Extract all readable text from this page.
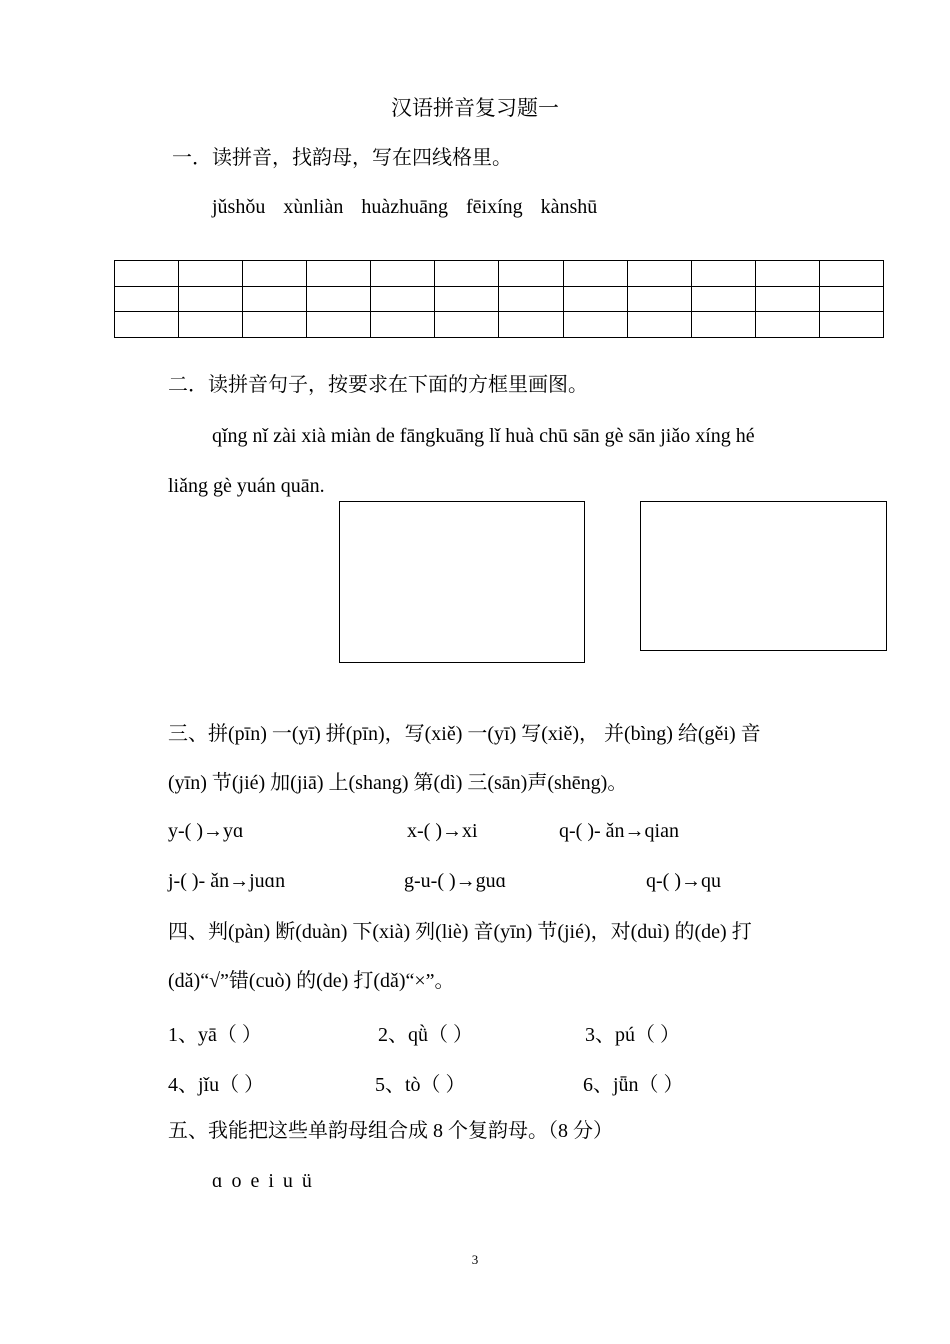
汉语拼音复习题一
一．读拼音，找韵母，写在四线格里。
jǔshǒu xùnliàn huàzhuāng fēixíng kànshū

二．读拼音句子，按要求在下面的方框里画图。
qǐng nǐ zài xià miàn de fāngkuāng lǐ huà chū sān gè sān jiǎo xíng hé
liǎng gè yuán quān.
三、拼(pīn) 一(yī) 拼(pīn)，写(xiě) 一(yī) 写(xiě)， 并(bìng) 给(gěi) 音
(yīn) 节(jié) 加(jiā) 上(shang) 第(dì) 三(sān)声(shēng)。
y-( )→yɑ	x-( )→xi	q-( )- ǎn→qian
j-( )- ǎn→juɑn	g-u-( )→guɑ	q-( )→qu
四、判(pàn) 断(duàn) 下(xià) 列(liè) 音(yīn) 节(jié)，对(duì) 的(de) 打
(dǎ)“√”错(cuò) 的(de) 打(dǎ)“×”。
1、yā（ ）	2、qǜ（ ）	3、pú（ ）
4、jǐu（ ）	5、tò（ ）	6、jǖn（ ）
五、我能把这些单韵母组合成 8 个复韵母。（8 分）
ɑ o e i u ü
3
